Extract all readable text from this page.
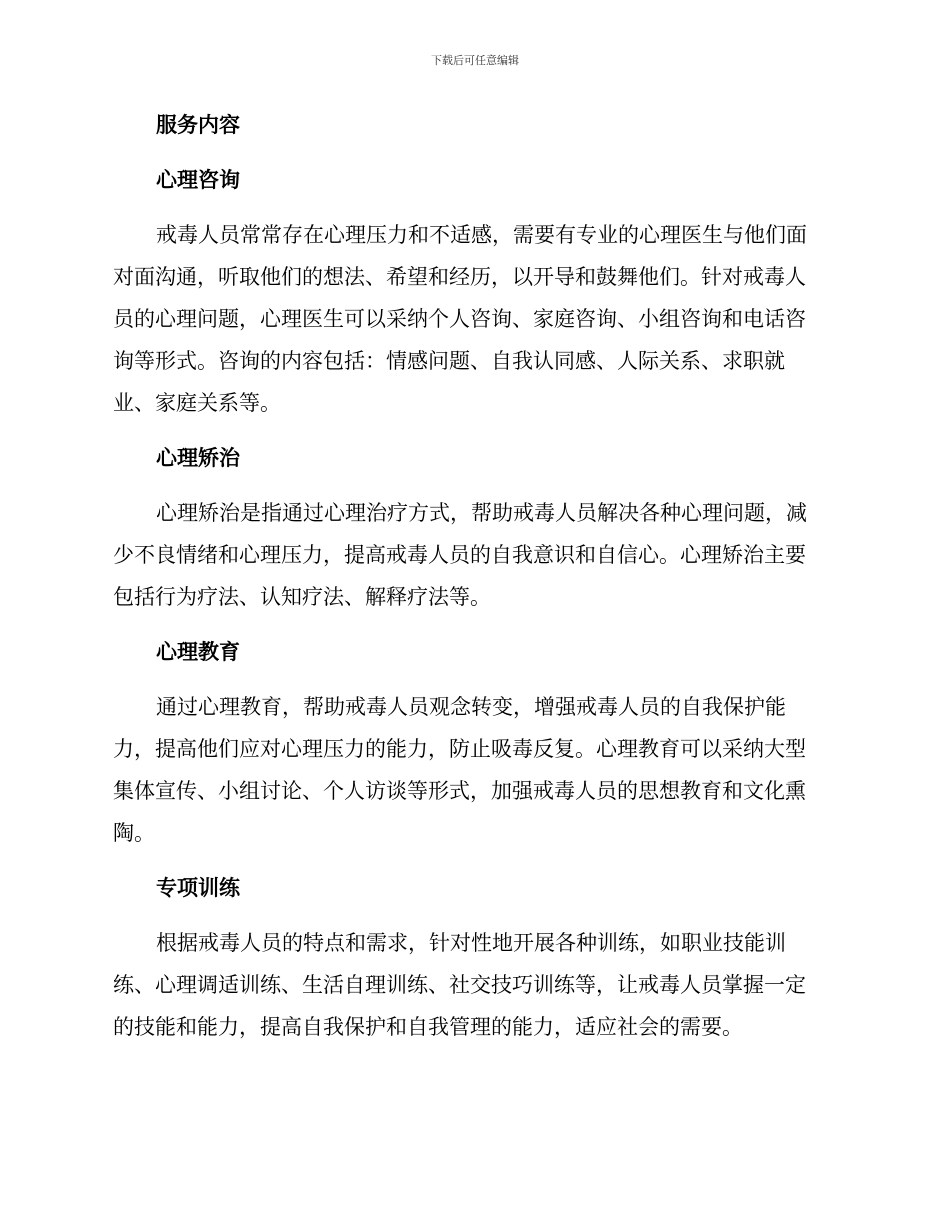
下载后可任意编辑
服务内容
心理咨询

戒毒人员常常存在心理压力和不适感，需要有专业的心理医生与他们面
对面沟通，听取他们的想法、希望和经历，以开导和鼓舞他们。针对戒毒人
员的心理问题，心理医生可以采纳个人咨询、家庭咨询、小组咨询和电话咨
询等形式。咨询的内容包括：情感问题、自我认同感、人际关系、求职就
业、家庭关系等。

心理矫治

心理矫治是指通过心理治疗方式，帮助戒毒人员解决各种心理问题，减
少不良情绪和心理压力，提高戒毒人员的自我意识和自信心。心理矫治主要
包括行为疗法、认知疗法、解释疗法等。

心理教育

通过心理教育，帮助戒毒人员观念转变，增强戒毒人员的自我保护能
力，提高他们应对心理压力的能力，防止吸毒反复。心理教育可以采纳大型
集体宣传、小组讨论、个人访谈等形式，加强戒毒人员的思想教育和文化熏
陶。

专项训练

根据戒毒人员的特点和需求，针对性地开展各种训练，如职业技能训
练、心理调适训练、生活自理训练、社交技巧训练等，让戒毒人员掌握一定
的技能和能力，提高自我保护和自我管理的能力，适应社会的需要。
